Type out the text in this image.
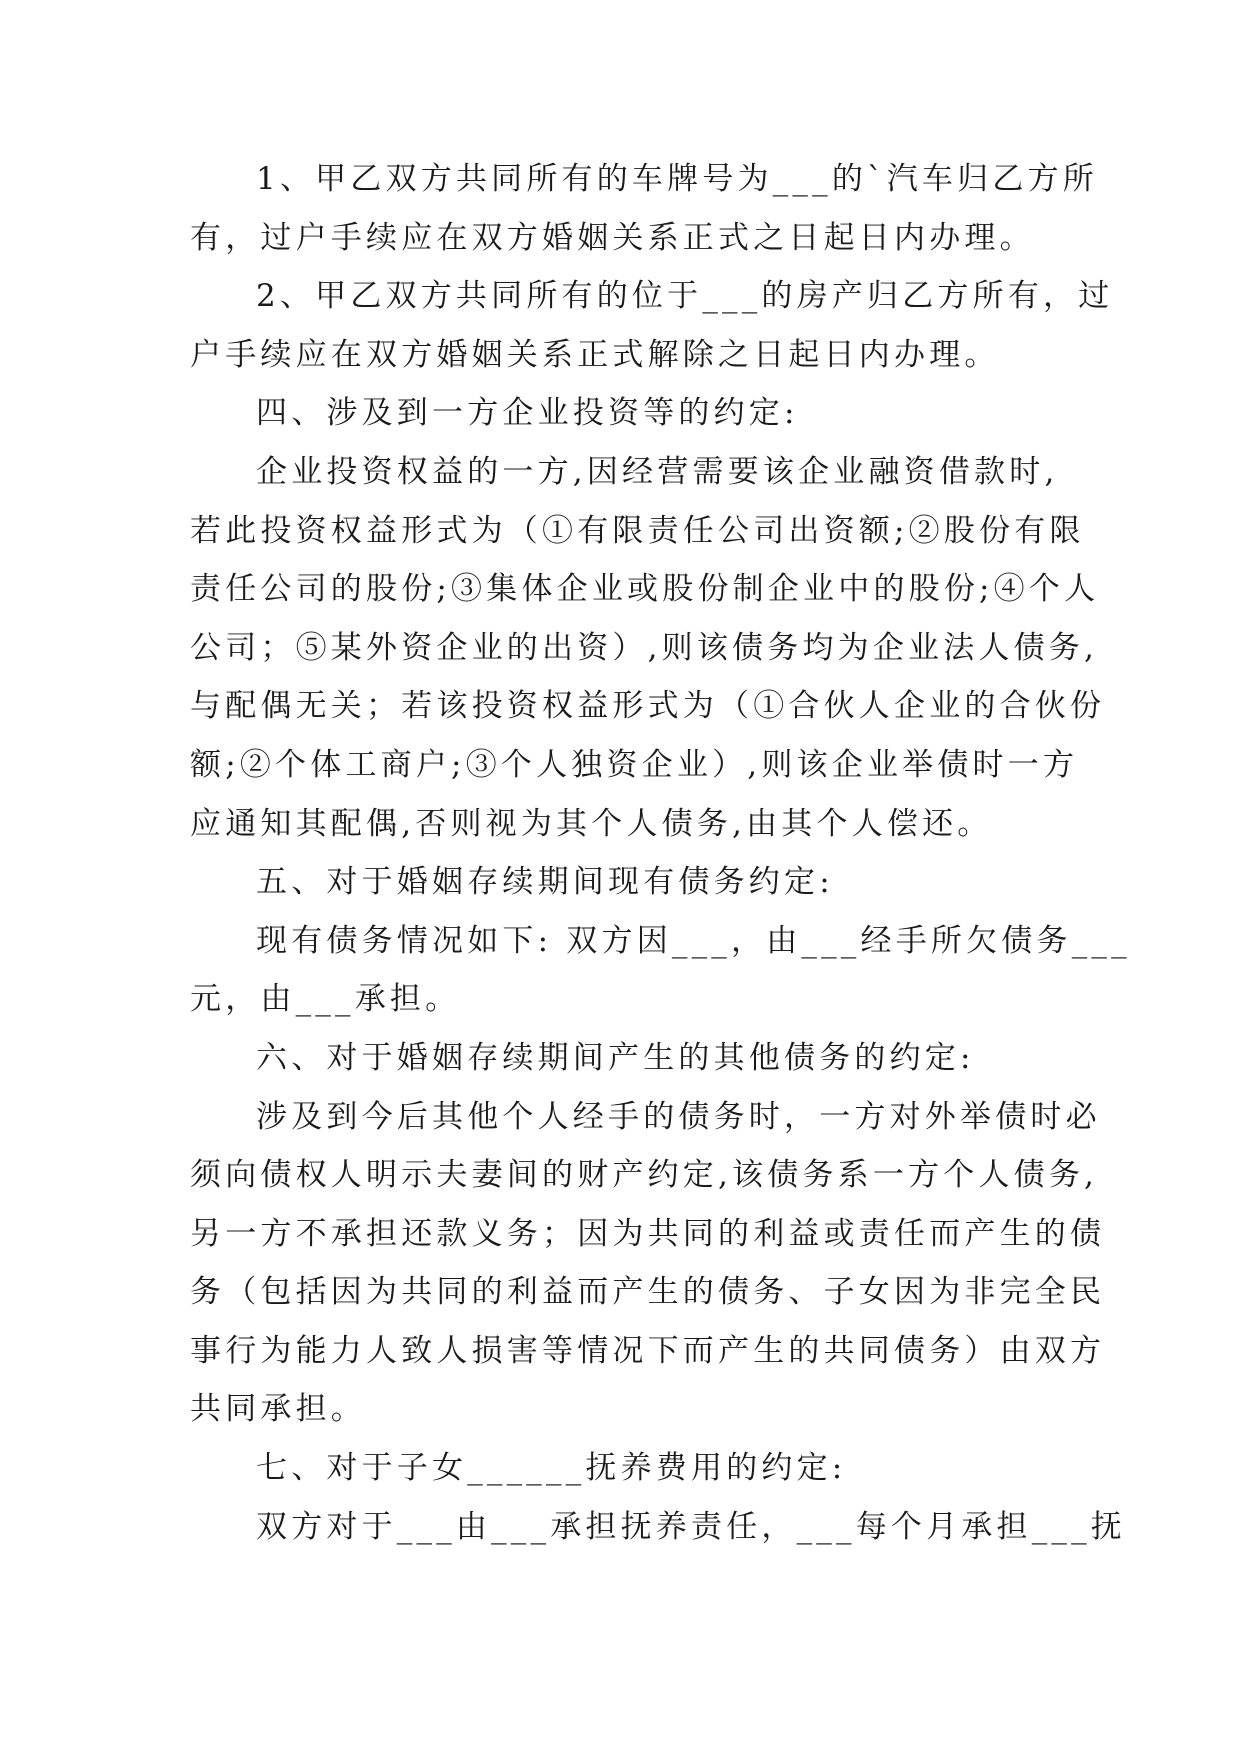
1、甲乙双方共同所有的车牌号为___的`汽车归乙方所
有，过户手续应在双方婚姻关系正式之日起日内办理。
2、甲乙双方共同所有的位于___的房产归乙方所有，过
户手续应在双方婚姻关系正式解除之日起日内办理。
四、涉及到一方企业投资等的约定:
企业投资权益的一方,因经营需要该企业融资借款时,
若此投资权益形式为（①有限责任公司出资额;②股份有限
责任公司的股份;③集体企业或股份制企业中的股份;④个人
公司；⑤某外资企业的出资）,则该债务均为企业法人债务,
与配偶无关；若该投资权益形式为（①合伙人企业的合伙份
额;②个体工商户;③个人独资企业）,则该企业举债时一方
应通知其配偶,否则视为其个人债务,由其个人偿还。
五、对于婚姻存续期间现有债务约定:
现有债务情况如下: 双方因___，由___经手所欠债务___
元，由___承担。
六、对于婚姻存续期间产生的其他债务的约定:
涉及到今后其他个人经手的债务时，一方对外举债时必
须向债权人明示夫妻间的财产约定,该债务系一方个人债务,
另一方不承担还款义务；因为共同的利益或责任而产生的债
务（包括因为共同的利益而产生的债务、子女因为非完全民
事行为能力人致人损害等情况下而产生的共同债务）由双方
共同承担。
七、对于子女______抚养费用的约定:
双方对于___由___承担抚养责任，___每个月承担___抚
